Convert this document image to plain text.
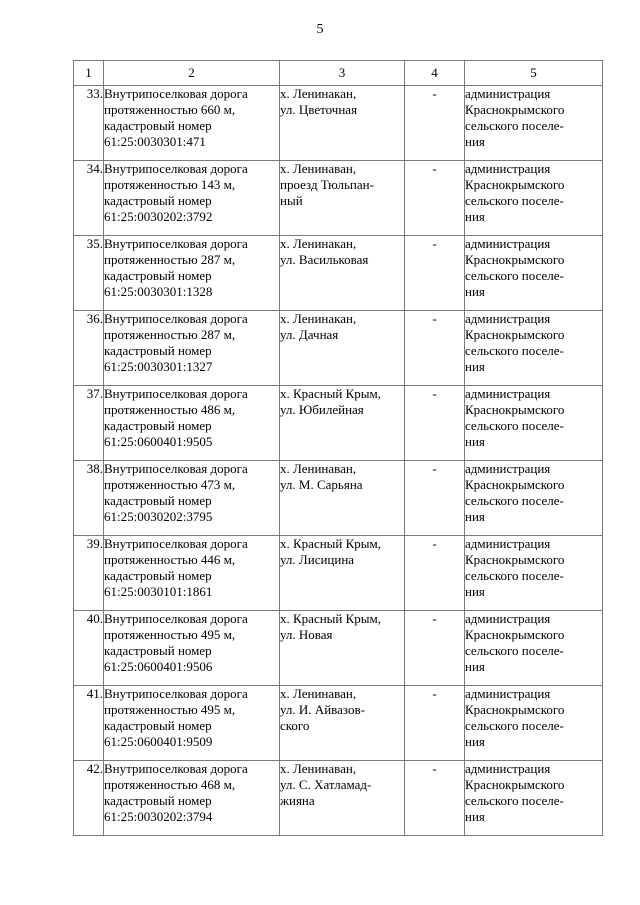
5
1	2	3	4	5
33.	Внутрипоселковая дорога
протяженностью 660 м,
кадастровый номер
61:25:0030301:471	х. Ленинакан,
ул. Цветочная	-	администрация
Краснокрымского
сельского поселе-
ния
34.	Внутрипоселковая дорога
протяженностью 143 м,
кадастровый номер
61:25:0030202:3792	х. Ленинаван,
проезд Тюльпан-
ный	-	администрация
Краснокрымского
сельского поселе-
ния
35.	Внутрипоселковая дорога
протяженностью 287 м,
кадастровый номер
61:25:0030301:1328	х. Ленинакан,
ул. Васильковая	-	администрация
Краснокрымского
сельского поселе-
ния
36.	Внутрипоселковая дорога
протяженностью 287 м,
кадастровый номер
61:25:0030301:1327	х. Ленинакан,
ул. Дачная	-	администрация
Краснокрымского
сельского поселе-
ния
37.	Внутрипоселковая дорога
протяженностью 486 м,
кадастровый номер
61:25:0600401:9505	х. Красный Крым,
ул. Юбилейная	-	администрация
Краснокрымского
сельского поселе-
ния
38.	Внутрипоселковая дорога
протяженностью 473 м,
кадастровый номер
61:25:0030202:3795	х. Ленинаван,
ул. М. Сарьяна	-	администрация
Краснокрымского
сельского поселе-
ния
39.	Внутрипоселковая дорога
протяженностью 446 м,
кадастровый номер
61:25:0030101:1861	х. Красный Крым,
ул. Лисицина	-	администрация
Краснокрымского
сельского поселе-
ния
40.	Внутрипоселковая дорога
протяженностью 495 м,
кадастровый номер
61:25:0600401:9506	х. Красный Крым,
ул. Новая	-	администрация
Краснокрымского
сельского поселе-
ния
41.	Внутрипоселковая дорога
протяженностью 495 м,
кадастровый номер
61:25:0600401:9509	х. Ленинаван,
ул. И. Айвазов-
ского	-	администрация
Краснокрымского
сельского поселе-
ния
42.	Внутрипоселковая дорога
протяженностью 468 м,
кадастровый номер
61:25:0030202:3794	х. Ленинаван,
ул. С. Хатламад-
жияна	-	администрация
Краснокрымского
сельского поселе-
ния
